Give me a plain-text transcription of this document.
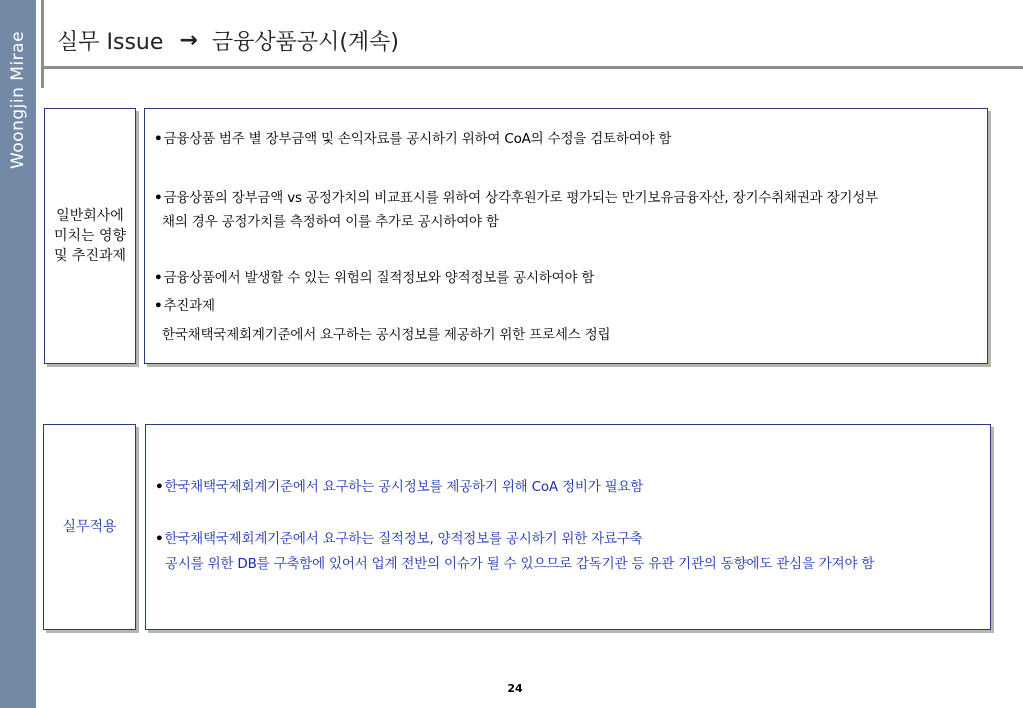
Woongjin Mirae 실무 Issue → 금융상품공시(계속)
일반회사에
미치는 영향
및 추진과제
•금융상품 범주 별 장부금액 및 손익자료를 공시하기 위하여 CoA의 수정을 검토하여야 함
•금융상품의 장부금액 vs 공정가치의 비교표시를 위하여 상각후원가로 평가되는 만기보유금융자산, 장기수취채권과 장기성부
채의 경우 공정가치를 측정하여 이를 추가로 공시하여야 함
•금융상품에서 발생할 수 있는 위험의 질적정보와 양적정보를 공시하여야 함
•추진과제
한국채택국제회계기준에서 요구하는 공시정보를 제공하기 위한 프로세스 정립
실무적용
•한국채택국제회계기준에서 요구하는 공시정보를 제공하기 위해 CoA 정비가 필요함
•한국채택국제회계기준에서 요구하는 질적정보, 양적정보를 공시하기 위한 자료구축
공시를 위한 DB를 구축함에 있어서 업계 전반의 이슈가 될 수 있으므로 감독기관 등 유관 기관의 동향에도 관심을 가져야 함
24
